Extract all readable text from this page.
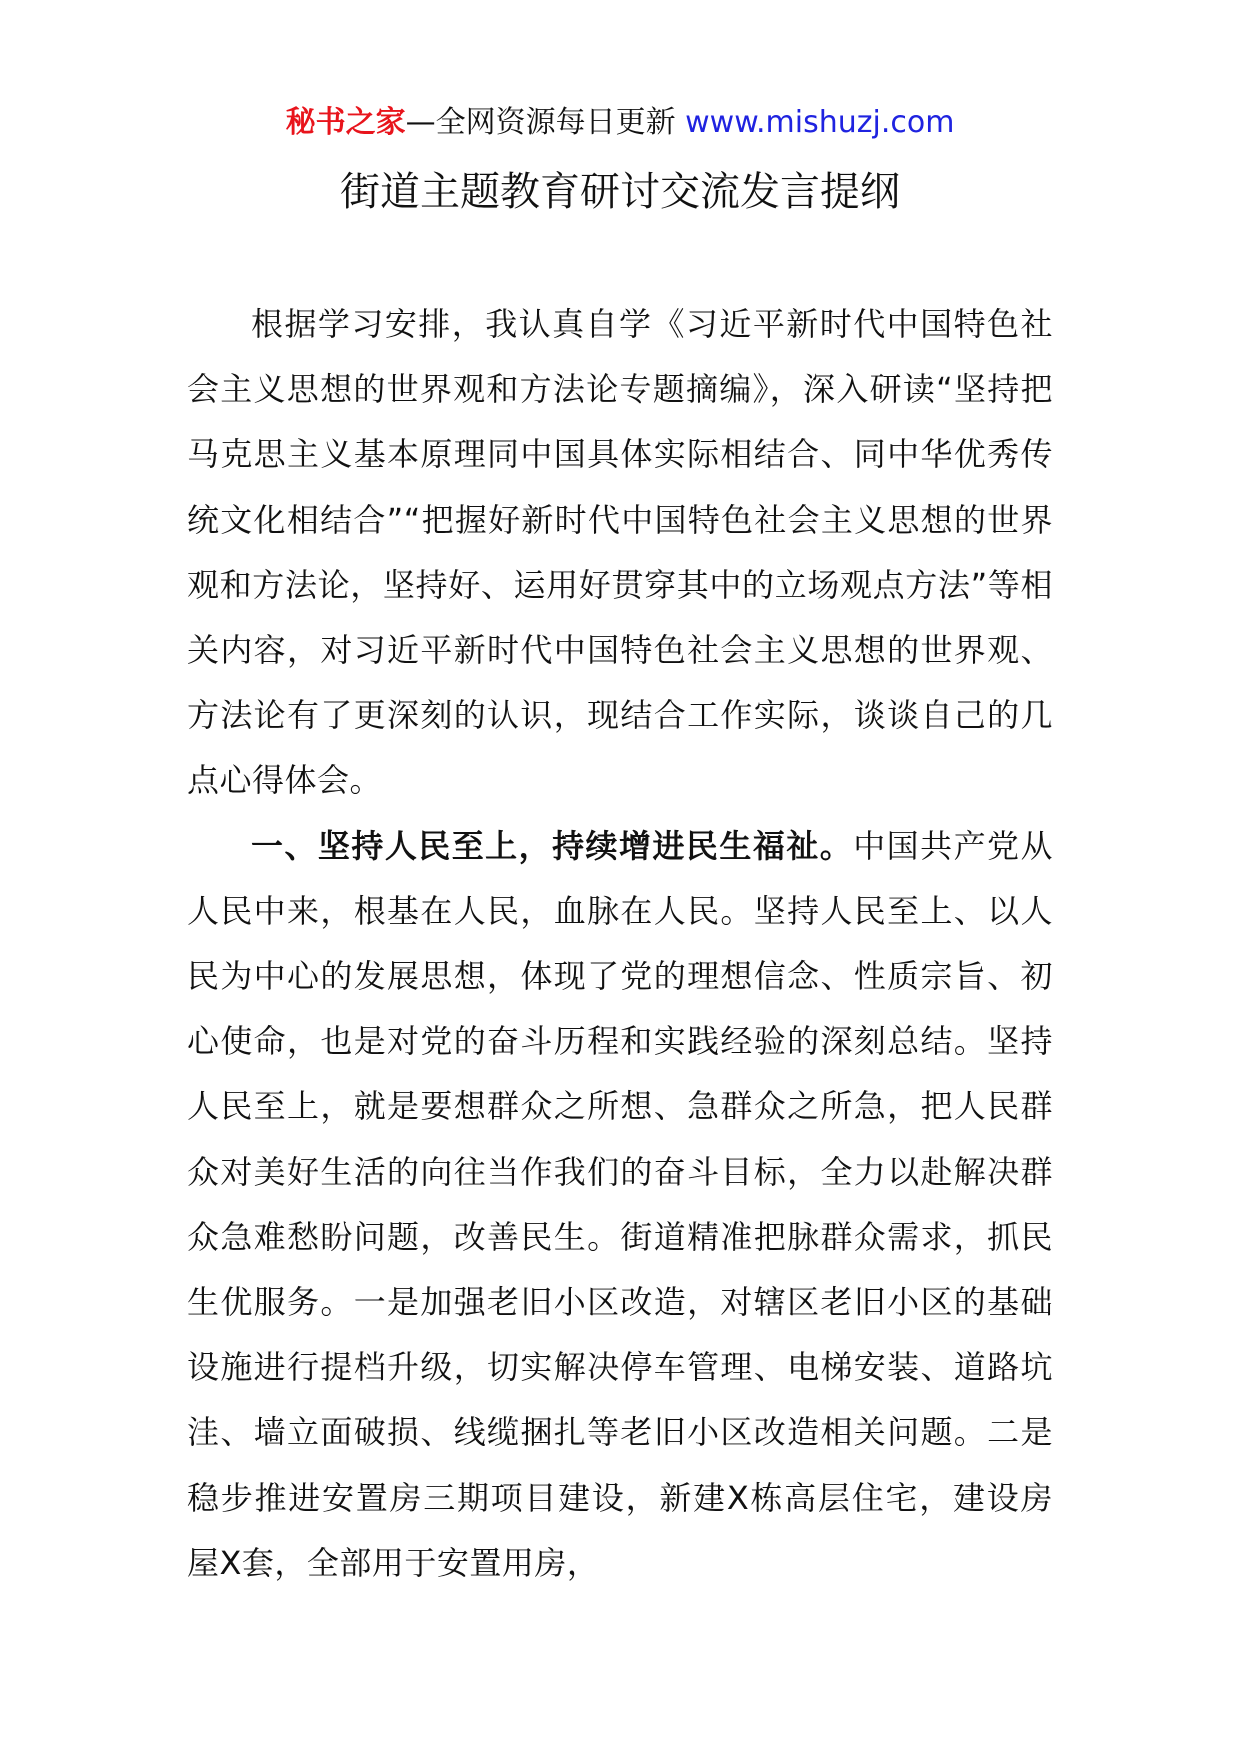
秘书之家—全网资源每日更新 www.mishuzj.com
街道主题教育研讨交流发言提纲

根据学习安排，我认真自学《习近平新时代中国特色社会主义思想的世界观和方法论专题摘编》，深入研读“坚持把马克思主义基本原理同中国具体实际相结合、同中华优秀传统文化相结合”“把握好新时代中国特色社会主义思想的世界观和方法论，坚持好、运用好贯穿其中的立场观点方法”等相关内容，对习近平新时代中国特色社会主义思想的世界观、方法论有了更深刻的认识，现结合工作实际，谈谈自己的几点心得体会。

一、坚持人民至上，持续增进民生福祉。中国共产党从人民中来，根基在人民，血脉在人民。坚持人民至上、以人民为中心的发展思想，体现了党的理想信念、性质宗旨、初心使命，也是对党的奋斗历程和实践经验的深刻总结。坚持人民至上，就是要想群众之所想、急群众之所急，把人民群众对美好生活的向往当作我们的奋斗目标，全力以赴解决群众急难愁盼问题，改善民生。街道精准把脉群众需求，抓民生优服务。一是加强老旧小区改造，对辖区老旧小区的基础设施进行提档升级，切实解决停车管理、电梯安装、道路坑洼、墙立面破损、线缆捆扎等老旧小区改造相关问题。二是稳步推进安置房三期项目建设，新建X栋高层住宅，建设房屋X套，全部用于安置用房，
